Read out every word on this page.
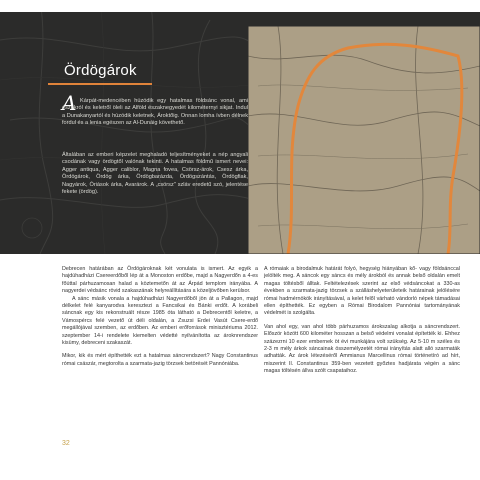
Ördögárok
A Kárpát-medencében húzódik egy hatalmas földsánc vonal, ami északról és keletről öleli az Alföld északnegyedét kilométernyi sikjat. Indul a Dunakanyartól és húzódik keletnek, Ároktőig. Onnan lomha ívben délnek fordul és a lenia egészen az Al-Dunáig követhető.

Általában az emberi képzelet meghaladó teljesítményeket a nép angyali csodának vagy ördögtől valónak tekinti. A hatalmas földmű ismert nevei: Agger antiqua, Agger caliblor, Magna fovea, Csörsz-árok, Csesz árka, Ördögárok, Ördög árka, Ördögbarázda, Ördögszántás, Ördögfiak, Nagyárok, Óriások árka, Avarárok. A „csörsz" szláv eredetű szó, jelentése fekete (ördög).

Debrecen határában az Ördögároknak két vonulata is ismert. Az egyik a hajdúhadházi Csereerdőből lép át a Monoston erdőbe, majd a Nagyerdőn a 4-es főúttal párhuzamosan halad a köztemetőn át az Árpád templom irányába. A nagyerdei védsánc rövid szakaszának helyreállítására a közeljövőben kerülsor.

A sánc másik vonala a hajdúhadházi Nagyerdőből jön át a Pallagon, majd délkelet felé kanyarodva keresztezi a Fancsikai és Bánki erdőt. A korábeli sáncnak egy kis rekonstruált része 1985 óta látható a Debrecentől keletre, a Vámospércs felé vezető út déli oldalán, a Zsuzsi Erdei Vasút Csere-erdő megállójával szemben, az erdőben. Az emberi erőforrások minisztériuma 2012. szeptember 14-i rendelete kiemelten védetté nyilvánította az ároknrendszer kisümy, debreceni szakaszát.

Mikor, kik és mért építhették ezt a hatalmas sáncrendszert? Nagy Constantinus római császár, megtorolta a szarmata-jazig törzsek betörését Pannóniába.

A rómaiak a birodalmuk határát folyó, hegység hiányában kő- vagy földsánccal jelölték meg. A sáncok egy sáncs és mély árokból és annak belső oldalán emelt magas töltésből álltak. Feltételezések szerint az első védsáncokat a 330-as években a szarmata-jazig törzsek a szálláshelyeterületeik határainak jelölésére római hadmérnökök irányításával, a kelet felől várható vándorló népek támadásai ellen építhették. Ez egyben a Római Birodalom Pannóniai tartományának védelmét is szolgálta.

Van ahol egy, van ahol több párhuzamos árokszalag alkotja a sáncrendszert. Először között 600 kilométer hosszan a belső védelmi vonalat építették ki. Ehhez százezrni 10 ezer embernek öt évi munkájára volt szükség. Az 5-10 m széles és 2-3 m mély árkok sáncainak összemélyzetét római irányítás alatt alló szarmaták adhatták. Az árok létezéséről Ammianus Marcellinus római történetíró ad hírt, miszerint II. Constantinus 359-ben vezetett győztes hadjárata végén a sánc magas töltésén állva szólt csapataihoz.

32
